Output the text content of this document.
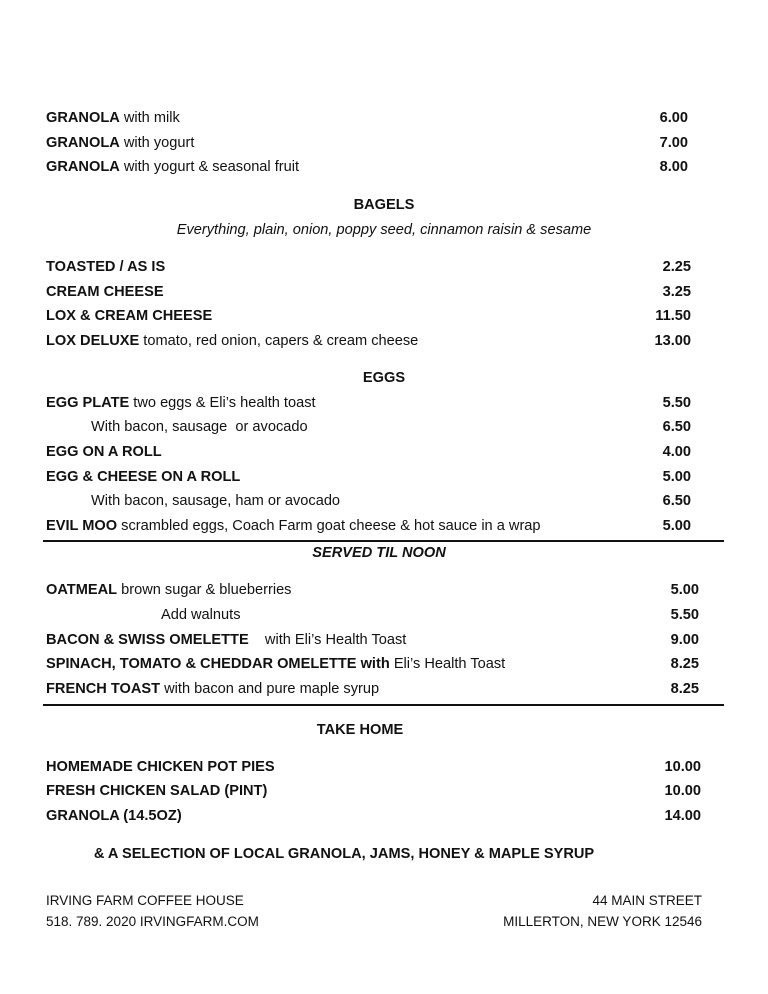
BAGELS
Everything, plain, onion, poppy seed, cinnamon raisin & sesame
EGGS
SERVED TIL NOON
TAKE HOME
& A SELECTION OF LOCAL GRANOLA, JAMS, HONEY & MAPLE SYRUP
IRVING FARM COFFEE HOUSE
518. 789. 2020 IRVINGFARM.COM
44 MAIN STREET
MILLERTON, NEW YORK 12546
GRANOLA with milk	6.00
GRANOLA with yogurt	7.00
GRANOLA with yogurt & seasonal fruit	8.00
TOASTED / AS IS	2.25
CREAM CHEESE	3.25
LOX & CREAM CHEESE	11.50
LOX DELUXE tomato, red onion, capers & cream cheese	13.00
EGG PLATE two eggs & Eli’s health toast	5.50
With bacon, sausage  or avocado	6.50
EGG ON A ROLL	4.00
EGG & CHEESE ON A ROLL	5.00
With bacon, sausage, ham or avocado	6.50
EVIL MOO scrambled eggs, Coach Farm goat cheese & hot sauce in a wrap	5.00
OATMEAL brown sugar & blueberries	5.00
Add walnuts	5.50
BACON & SWISS OMELETTE    with Eli’s Health Toast	9.00
SPINACH, TOMATO & CHEDDAR OMELETTE with Eli’s Health Toast	8.25
FRENCH TOAST with bacon and pure maple syrup	8.25
HOMEMADE CHICKEN POT PIES	10.00
FRESH CHICKEN SALAD (PINT)	10.00
GRANOLA (14.5OZ)	14.00
